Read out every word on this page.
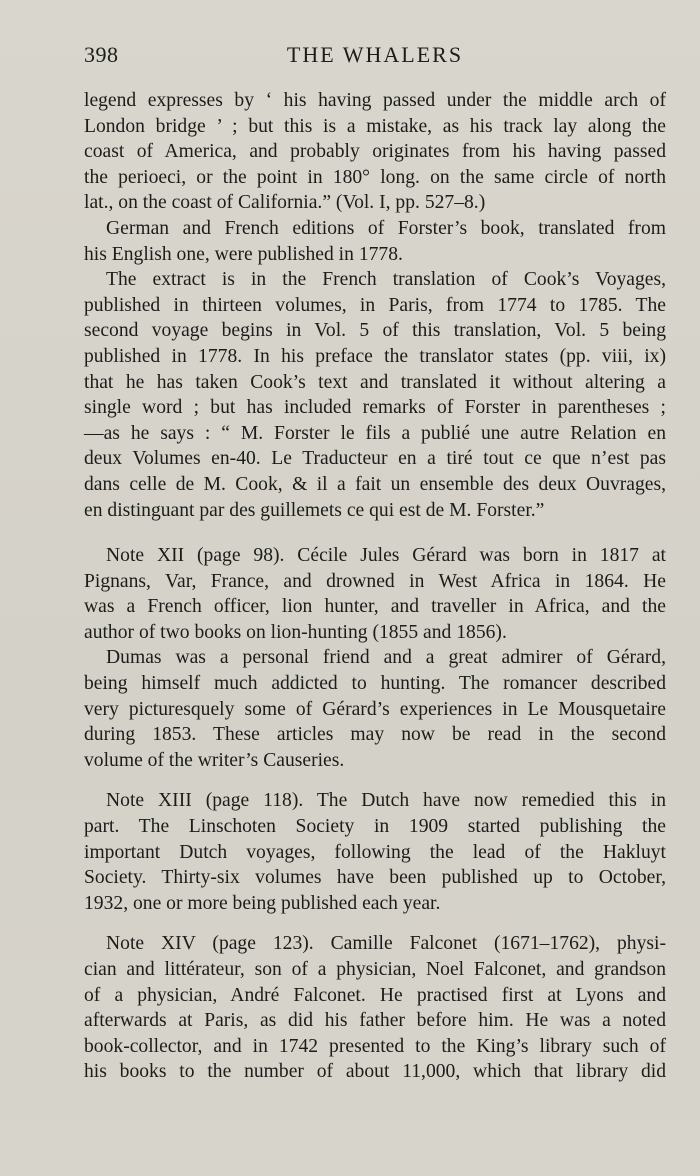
398	THE WHALERS
legend expresses by ‘ his having passed under the middle arch of
London bridge ’ ; but this is a mistake, as his track lay along the
coast of America, and probably originates from his having passed
the perioeci, or the point in 180° long. on the same circle of north
lat., on the coast of California.” (Vol. I, pp. 527–8.)
German and French editions of Forster’s book, translated from
his English one, were published in 1778.
The extract is in the French translation of Cook’s Voyages,
published in thirteen volumes, in Paris, from 1774 to 1785. The
second voyage begins in Vol. 5 of this translation, Vol. 5 being
published in 1778. In his preface the translator states (pp. viii, ix)
that he has taken Cook’s text and translated it without altering a
single word ; but has included remarks of Forster in parentheses ;
—as he says : “ M. Forster le fils a publié une autre Relation en
deux Volumes en-40. Le Traducteur en a tiré tout ce que n’est pas
dans celle de M. Cook, & il a fait un ensemble des deux Ouvrages,
en distinguant par des guillemets ce qui est de M. Forster.”
Note XII (page 98). Cécile Jules Gérard was born in 1817 at
Pignans, Var, France, and drowned in West Africa in 1864. He
was a French officer, lion hunter, and traveller in Africa, and the
author of two books on lion-hunting (1855 and 1856).
Dumas was a personal friend and a great admirer of Gérard,
being himself much addicted to hunting. The romancer described
very picturesquely some of Gérard’s experiences in Le Mousquetaire
during 1853. These articles may now be read in the second
volume of the writer’s Causeries.
Note XIII (page 118). The Dutch have now remedied this in
part. The Linschoten Society in 1909 started publishing the
important Dutch voyages, following the lead of the Hakluyt
Society. Thirty-six volumes have been published up to October,
1932, one or more being published each year.
Note XIV (page 123). Camille Falconet (1671–1762), physi-
cian and littérateur, son of a physician, Noel Falconet, and grandson
of a physician, André Falconet. He practised first at Lyons and
afterwards at Paris, as did his father before him. He was a noted
book-collector, and in 1742 presented to the King’s library such of
his books to the number of about 11,000, which that library did
